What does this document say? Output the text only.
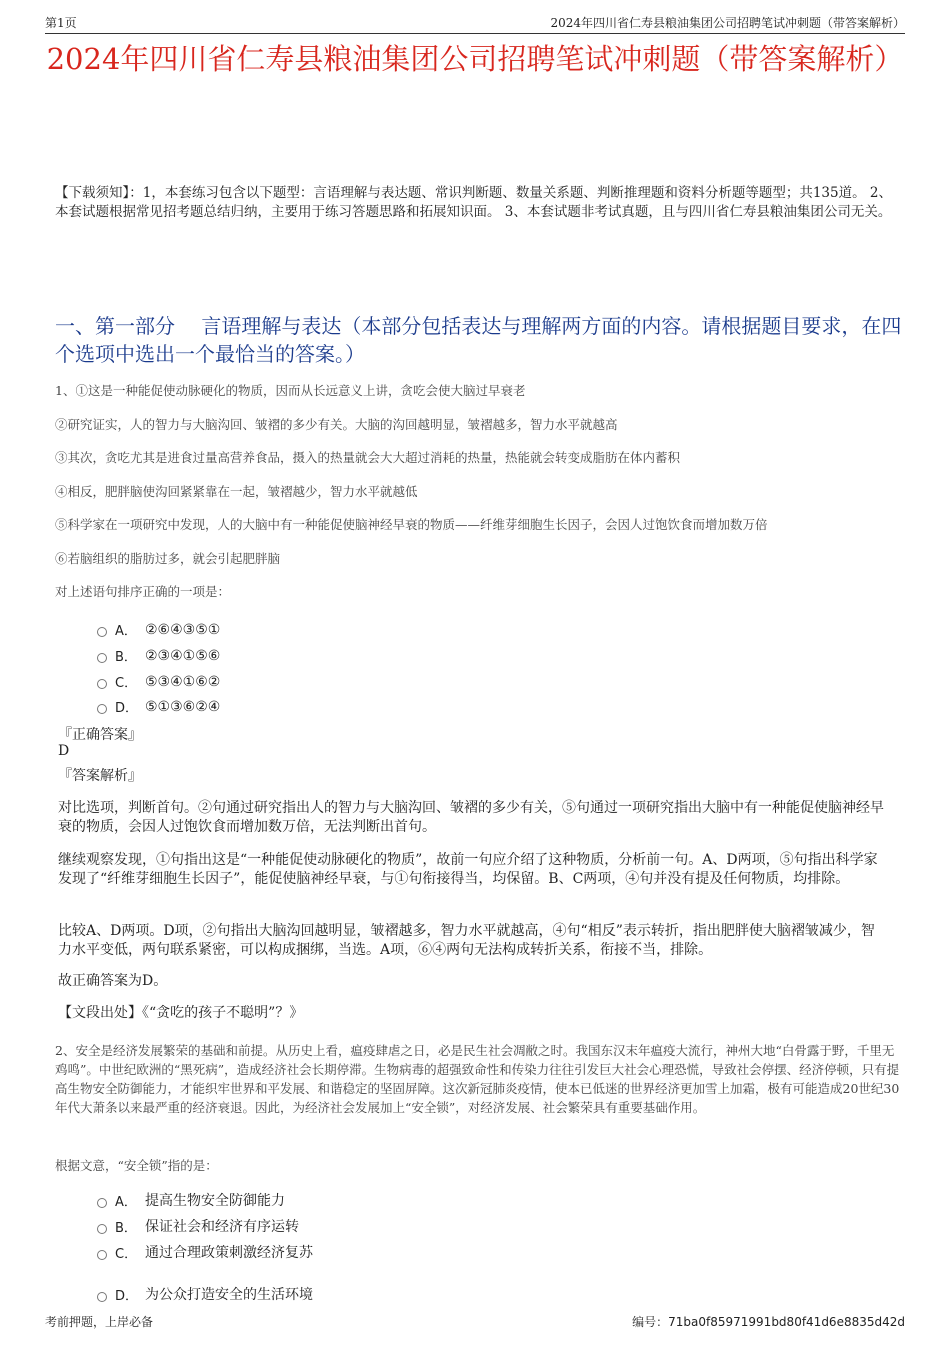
第1页	2024年四川省仁寿县粮油集团公司招聘笔试冲刺题（带答案解析）
2024年四川省仁寿县粮油集团公司招聘笔试冲刺题（带答案解析）
【下载须知】：1，本套练习包含以下题型：言语理解与表达题、常识判断题、数量关系题、判断推理题和资料分析题等题型；共135道。 2、本套试题根据常见招考题总结归纳，主要用于练习答题思路和拓展知识面。 3、本套试题非考试真题，且与四川省仁寿县粮油集团公司无关。
一、第一部分　 言语理解与表达（本部分包括表达与理解两方面的内容。请根据题目要求，在四个选项中选出一个最恰当的答案。）
1、①这是一种能促使动脉硬化的物质，因而从长远意义上讲，贪吃会使大脑过早衰老
②研究证实，人的智力与大脑沟回、皱褶的多少有关。大脑的沟回越明显，皱褶越多，智力水平就越高
③其次，贪吃尤其是进食过量高营养食品，摄入的热量就会大大超过消耗的热量，热能就会转变成脂肪在体内蓄积
④相反，肥胖脑使沟回紧紧靠在一起，皱褶越少，智力水平就越低
⑤科学家在一项研究中发现，人的大脑中有一种能促使脑神经早衰的物质——纤维芽细胞生长因子，会因人过饱饮食而增加数万倍
⑥若脑组织的脂肪过多，就会引起肥胖脑
对上述语句排序正确的一项是：
A． ②⑥④③⑤①
B． ②③④①⑤⑥
C． ⑤③④①⑥②
D． ⑤①③⑥②④
『正确答案』
D
『答案解析』
对比选项，判断首句。②句通过研究指出人的智力与大脑沟回、皱褶的多少有关，⑤句通过一项研究指出大脑中有一种能促使脑神经早衰的物质，会因人过饱饮食而增加数万倍，无法判断出首句。
继续观察发现，①句指出这是“一种能促使动脉硬化的物质”，故前一句应介绍了这种物质，分析前一句。A、D两项，⑤句指出科学家发现了“纤维芽细胞生长因子”，能促使脑神经早衰，与①句衔接得当，均保留。B、C两项，④句并没有提及任何物质，均排除。
比较A、D两项。D项，②句指出大脑沟回越明显，皱褶越多，智力水平就越高，④句“相反”表示转折，指出肥胖使大脑褶皱减少，智力水平变低，两句联系紧密，可以构成捆绑，当选。A项，⑥④两句无法构成转折关系，衔接不当，排除。
故正确答案为D。
【文段出处】《“贪吃的孩子不聪明”？》
2、安全是经济发展繁荣的基础和前提。从历史上看，瘟疫肆虐之日，必是民生社会凋敝之时。我国东汉末年瘟疫大流行，神州大地“白骨露于野，千里无鸡鸣”。中世纪欧洲的“黑死病”，造成经济社会长期停滞。生物病毒的超强致命性和传染力往往引发巨大社会心理恐慌，导致社会停摆、经济停顿，只有提高生物安全防御能力，才能织牢世界和平发展、和谐稳定的坚固屏障。这次新冠肺炎疫情，使本已低迷的世界经济更加雪上加霜，极有可能造成20世纪30年代大萧条以来最严重的经济衰退。因此，为经济社会发展加上“安全锁”，对经济发展、社会繁荣具有重要基础作用。
根据文意，“安全锁”指的是：
A． 提高生物安全防御能力
B． 保证社会和经济有序运转
C． 通过合理政策刺激经济复苏
D． 为公众打造安全的生活环境
考前押题，上岸必备	编号：71ba0f85971991bd80f41d6e8835d42d
